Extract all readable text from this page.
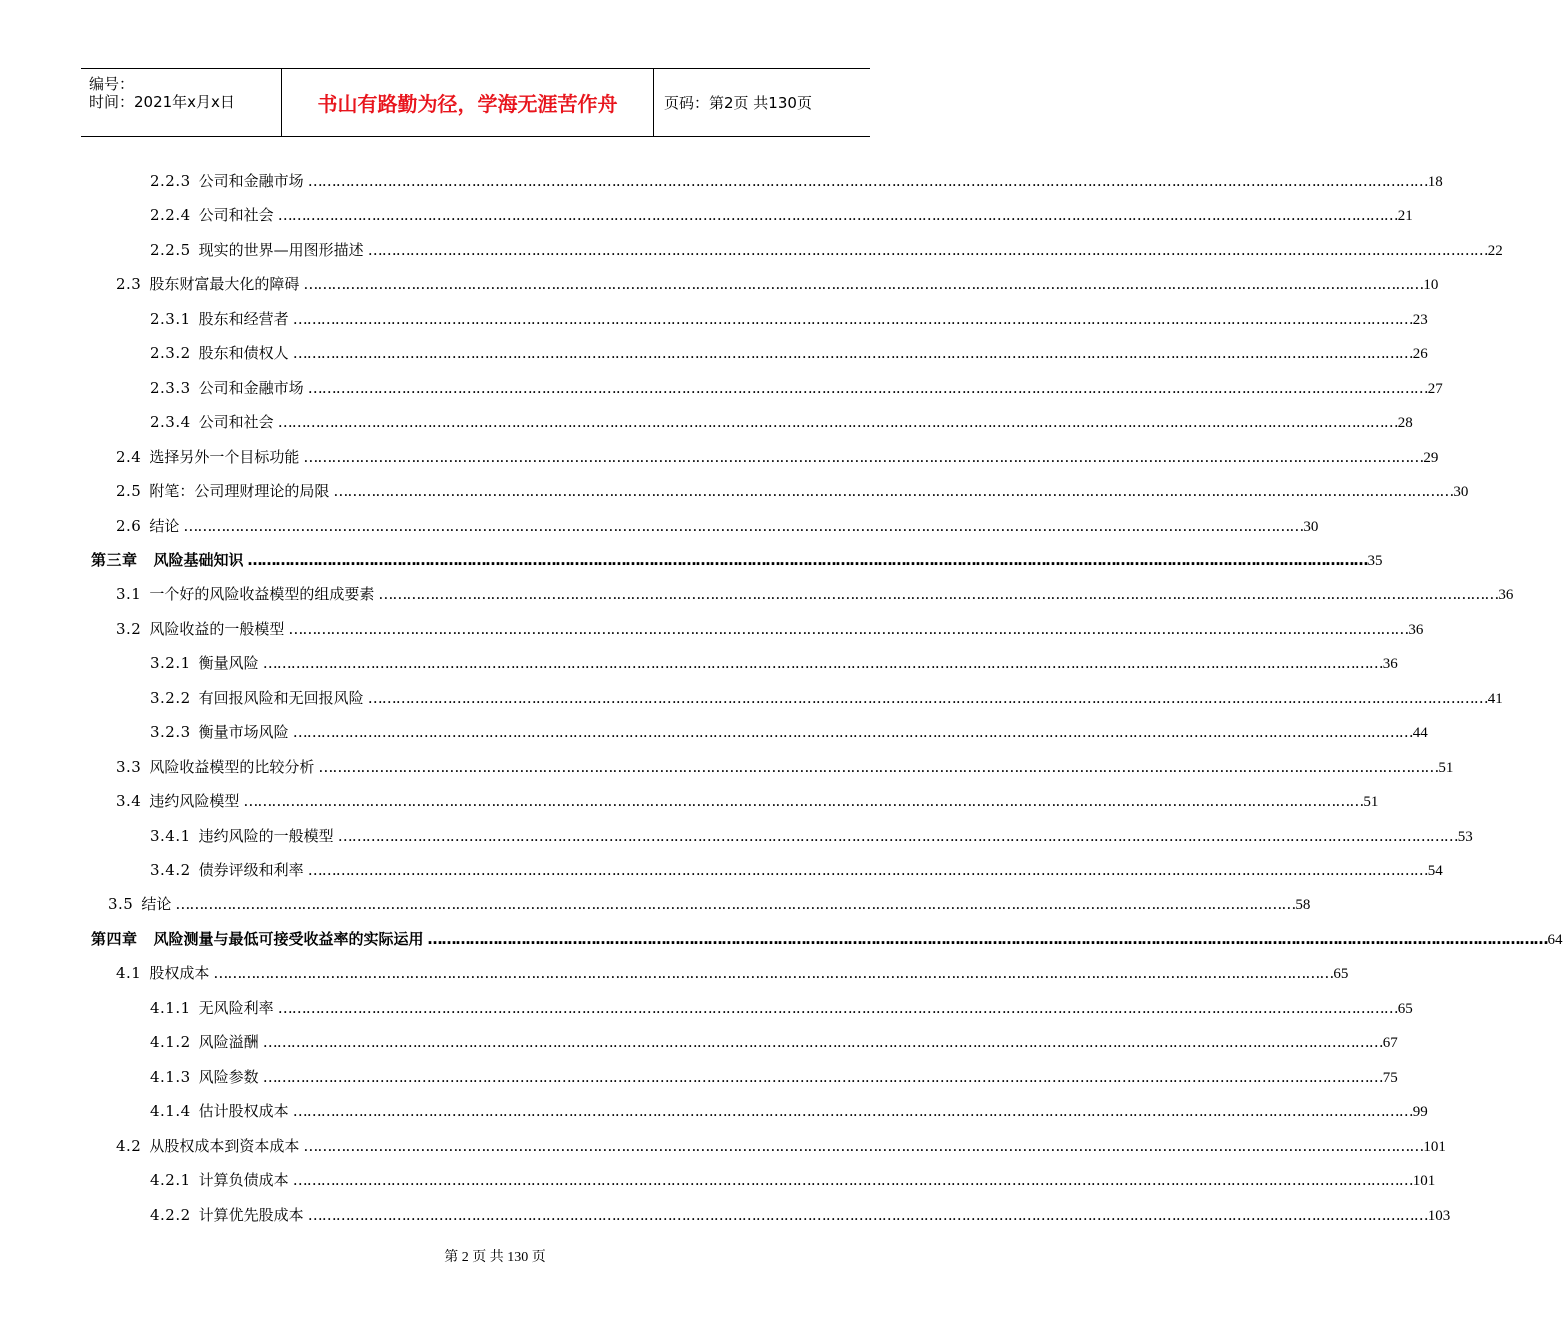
编号：
时间：2021年x月x日	书山有路勤为径，学海无涯苦作舟	页码：第2页 共130页
2.2.3 公司和金融市场 …………………………………………………………………………………………………………………………………………………………………………………………………………………… 18
2.2.4 公司和社会 …………………………………………………………………………………………………………………………………………………………………………………………………………………… 21
2.2.5 现实的世界—用图形描述 …………………………………………………………………………………………………………………………………………………………………………………………………………………… 22
2.3 股东财富最大化的障碍 …………………………………………………………………………………………………………………………………………………………………………………………………………………… 10
2.3.1 股东和经营者 …………………………………………………………………………………………………………………………………………………………………………………………………………………… 23
2.3.2 股东和债权人 …………………………………………………………………………………………………………………………………………………………………………………………………………………… 26
2.3.3 公司和金融市场 …………………………………………………………………………………………………………………………………………………………………………………………………………………… 27
2.3.4 公司和社会 …………………………………………………………………………………………………………………………………………………………………………………………………………………… 28
2.4 选择另外一个目标功能 …………………………………………………………………………………………………………………………………………………………………………………………………………………… 29
2.5 附笔：公司理财理论的局限 …………………………………………………………………………………………………………………………………………………………………………………………………………………… 30
2.6 结论 …………………………………………………………………………………………………………………………………………………………………………………………………………………… 30
第三章 风险基础知识 …………………………………………………………………………………………………………………………………………………………………………………………………………………… 35
3.1 一个好的风险收益模型的组成要素 …………………………………………………………………………………………………………………………………………………………………………………………………………………… 36
3.2 风险收益的一般模型 …………………………………………………………………………………………………………………………………………………………………………………………………………………… 36
3.2.1 衡量风险 …………………………………………………………………………………………………………………………………………………………………………………………………………………… 36
3.2.2 有回报风险和无回报风险 …………………………………………………………………………………………………………………………………………………………………………………………………………………… 41
3.2.3 衡量市场风险 …………………………………………………………………………………………………………………………………………………………………………………………………………………… 44
3.3 风险收益模型的比较分析 …………………………………………………………………………………………………………………………………………………………………………………………………………………… 51
3.4 违约风险模型 …………………………………………………………………………………………………………………………………………………………………………………………………………………… 51
3.4.1 违约风险的一般模型 …………………………………………………………………………………………………………………………………………………………………………………………………………………… 53
3.4.2 债券评级和利率 …………………………………………………………………………………………………………………………………………………………………………………………………………………… 54
3.5 结论 …………………………………………………………………………………………………………………………………………………………………………………………………………………… 58
第四章 风险测量与最低可接受收益率的实际运用 …………………………………………………………………………………………………………………………………………………………………………………………………………………… 64
4.1 股权成本 …………………………………………………………………………………………………………………………………………………………………………………………………………………… 65
4.1.1 无风险利率 …………………………………………………………………………………………………………………………………………………………………………………………………………………… 65
4.1.2 风险溢酬 …………………………………………………………………………………………………………………………………………………………………………………………………………………… 67
4.1.3 风险参数 …………………………………………………………………………………………………………………………………………………………………………………………………………………… 75
4.1.4 估计股权成本 …………………………………………………………………………………………………………………………………………………………………………………………………………………… 99
4.2 从股权成本到资本成本 …………………………………………………………………………………………………………………………………………………………………………………………………………………… 101
4.2.1 计算负债成本 …………………………………………………………………………………………………………………………………………………………………………………………………………………… 101
4.2.2 计算优先股成本 …………………………………………………………………………………………………………………………………………………………………………………………………………………… 103
第 2 页 共 130 页
